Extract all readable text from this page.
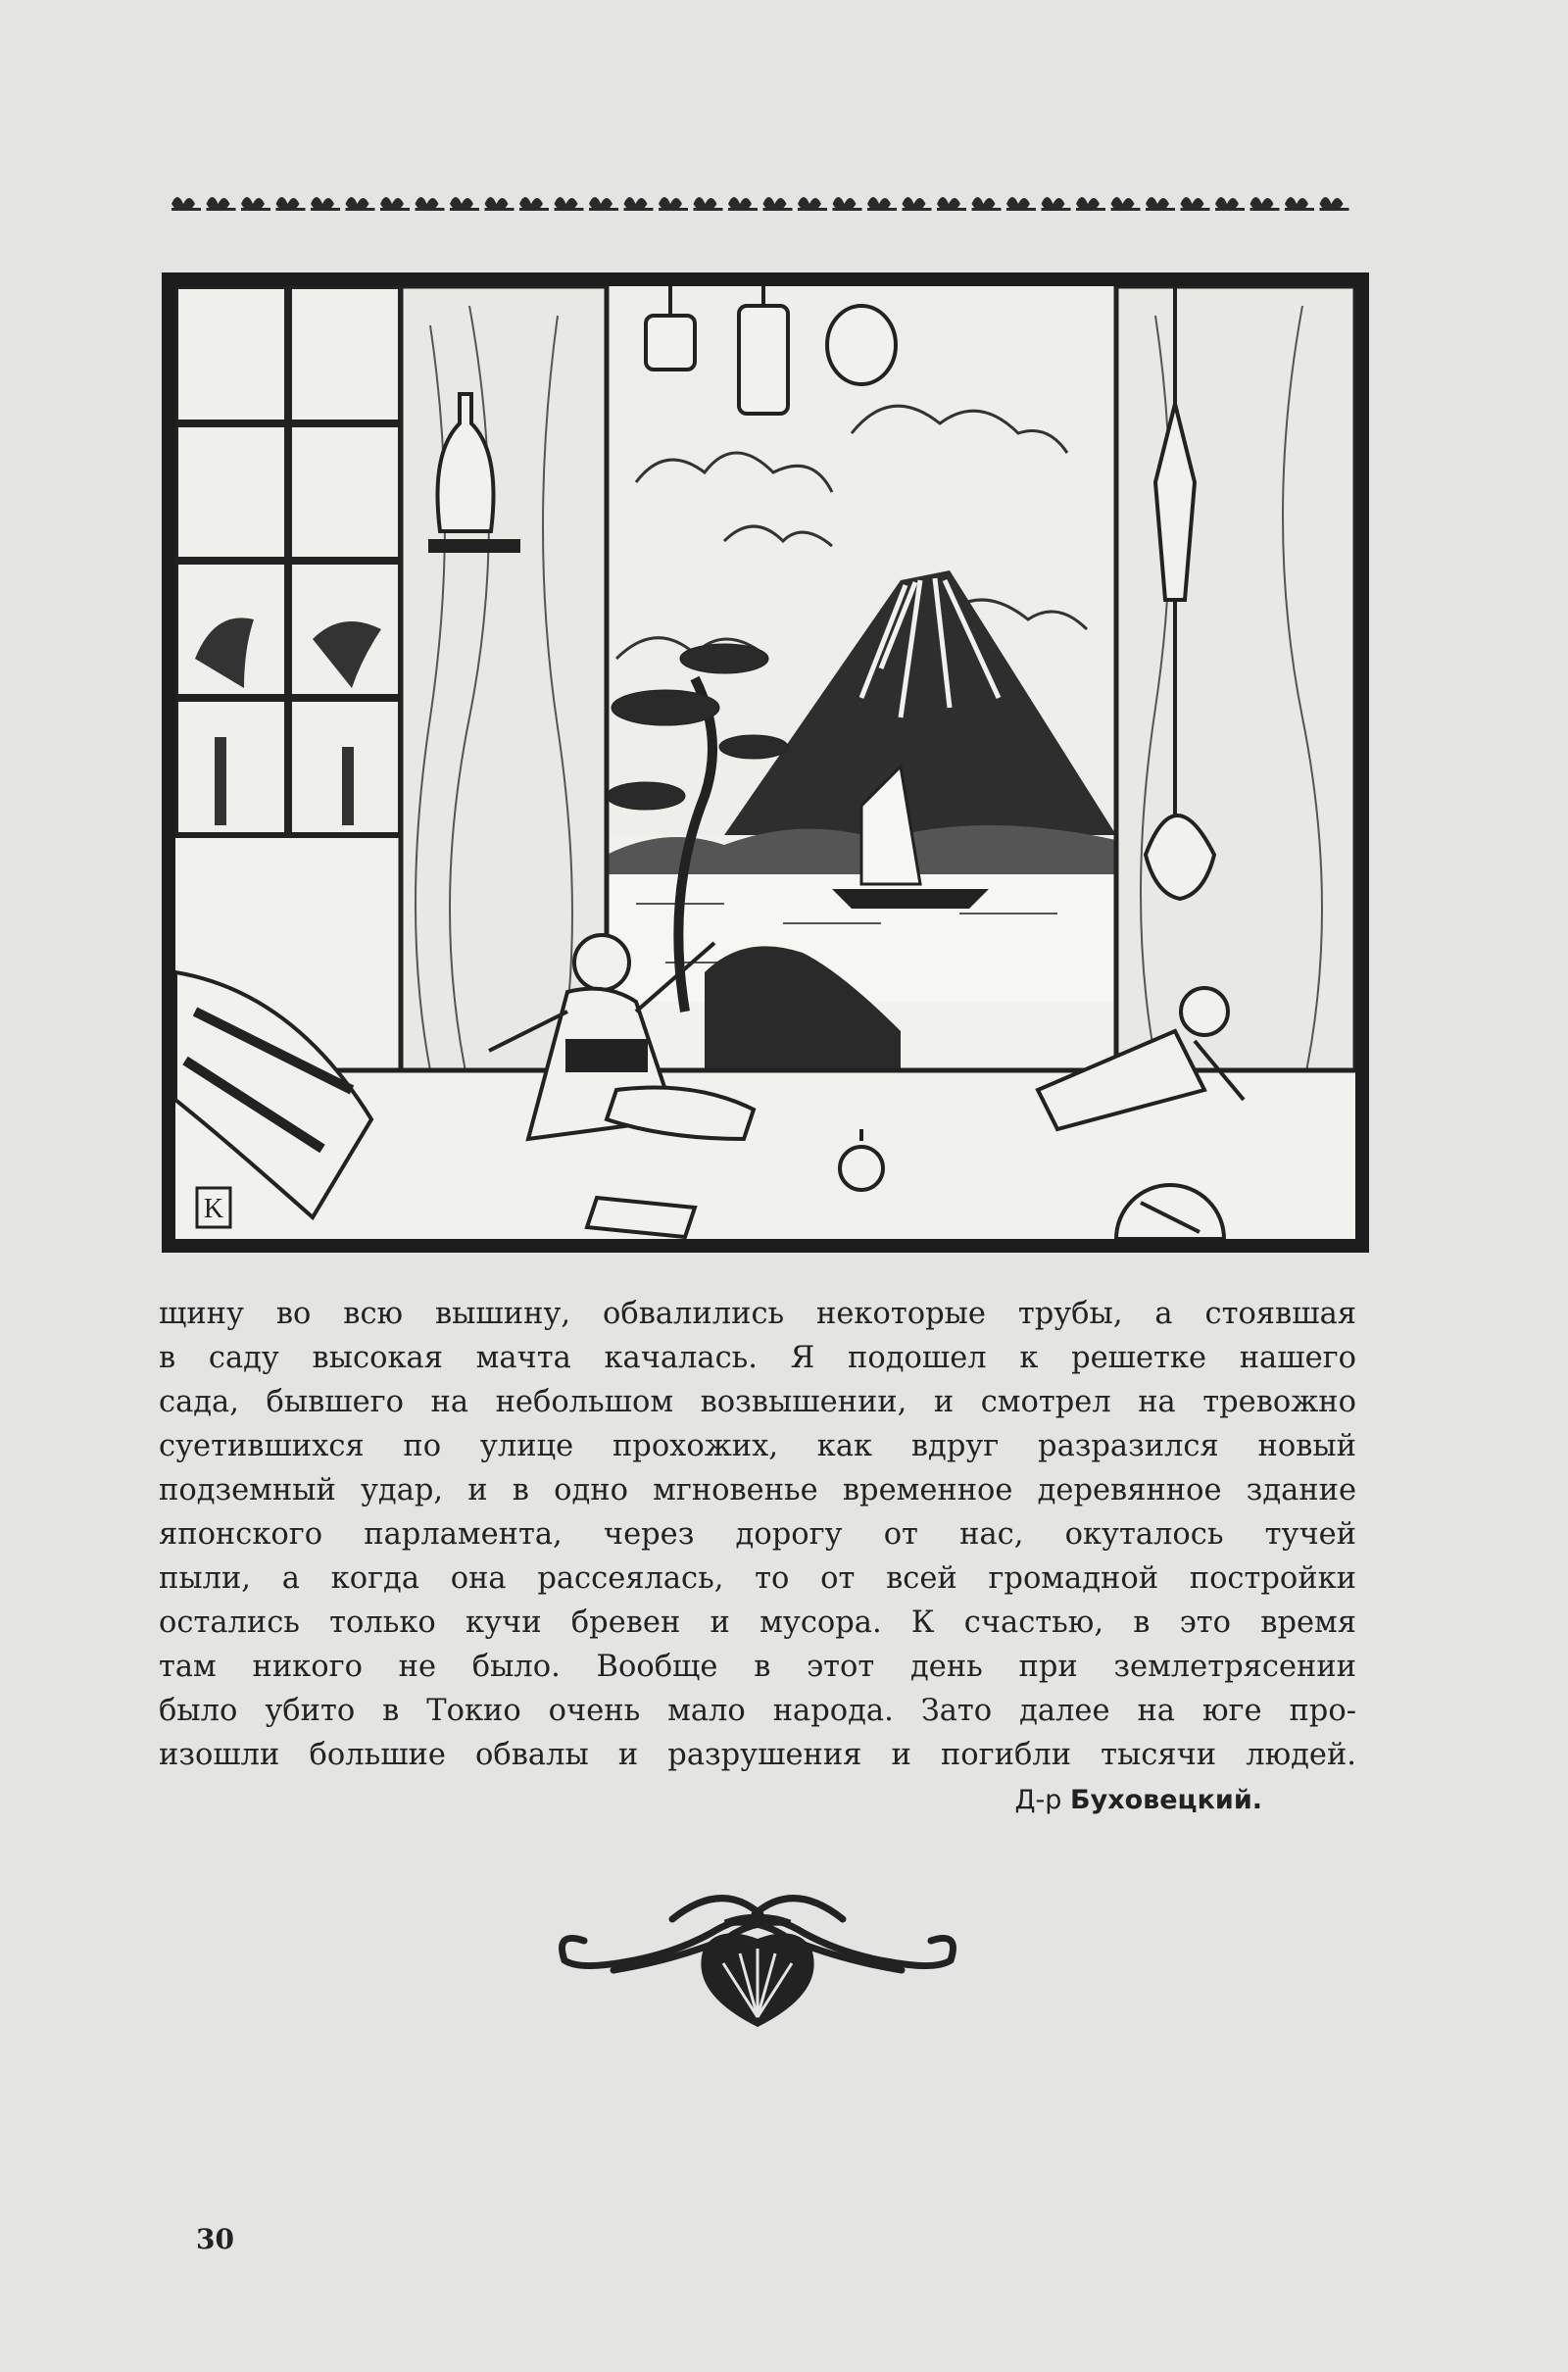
K
щину во всю вышину, обвалились некоторые трубы, а стоявшая
в саду высокая мачта качалась. Я подошел к решетке нашего
сада, бывшего на небольшом возвышении, и смотрел на тревожно
суетившихся по улице прохожих, как вдруг разразился новый
подземный удар, и в одно мгновенье временное деревянное здание
японского парламента, через дорогу от нас, окуталось тучей
пыли, а когда она рассеялась, то от всей громадной постройки
остались только кучи бревен и мусора. К счастью, в это время
там никого не было. Вообще в этот день при землетрясении
было убито в Токио очень мало народа. Зато далее на юге про-
изошли большие обвалы и разрушения и погибли тысячи людей.
Д-р Буховецкий.
30
